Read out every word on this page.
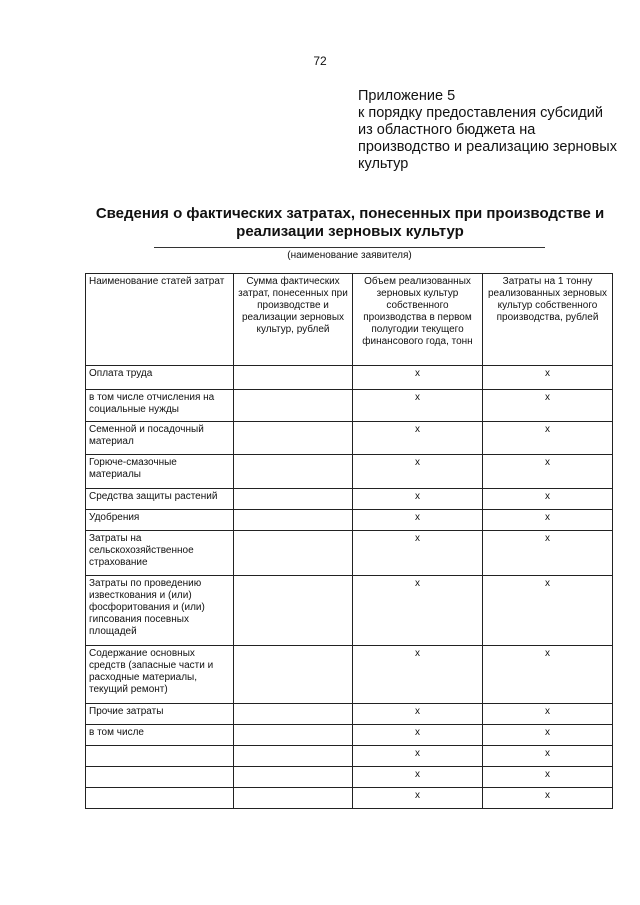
72
Приложение 5
к порядку предоставления субсидий
из областного бюджета на
производство и реализацию зерновых
культур
Сведения о фактических затратах, понесенных при производстве и
реализации зерновых культур
(наименование заявителя)
Наименование статей затрат	Сумма фактических затрат, понесенных при производстве и реализации зерновых культур, рублей	Объем реализованных зерновых культур собственного производства в первом полугодии текущего финансового года, тонн	Затраты на 1 тонну реализованных зерновых культур собственного производства, рублей
Оплата труда		x	x
в том числе отчисления на социальные нужды		x	x
Семенной и посадочный материал		x	x
Горюче-смазочные материалы		x	x
Средства защиты растений		x	x
Удобрения		x	x
Затраты на сельскохозяйственное страхование		x	x
Затраты по проведению известкования и (или) фосфоритования и (или) гипсования посевных площадей		x	x
Содержание основных средств (запасные части и расходные материалы, текущий ремонт)		x	x
Прочие затраты		x	x
в том числе		x	x
		x	x
		x	x
		x	x
